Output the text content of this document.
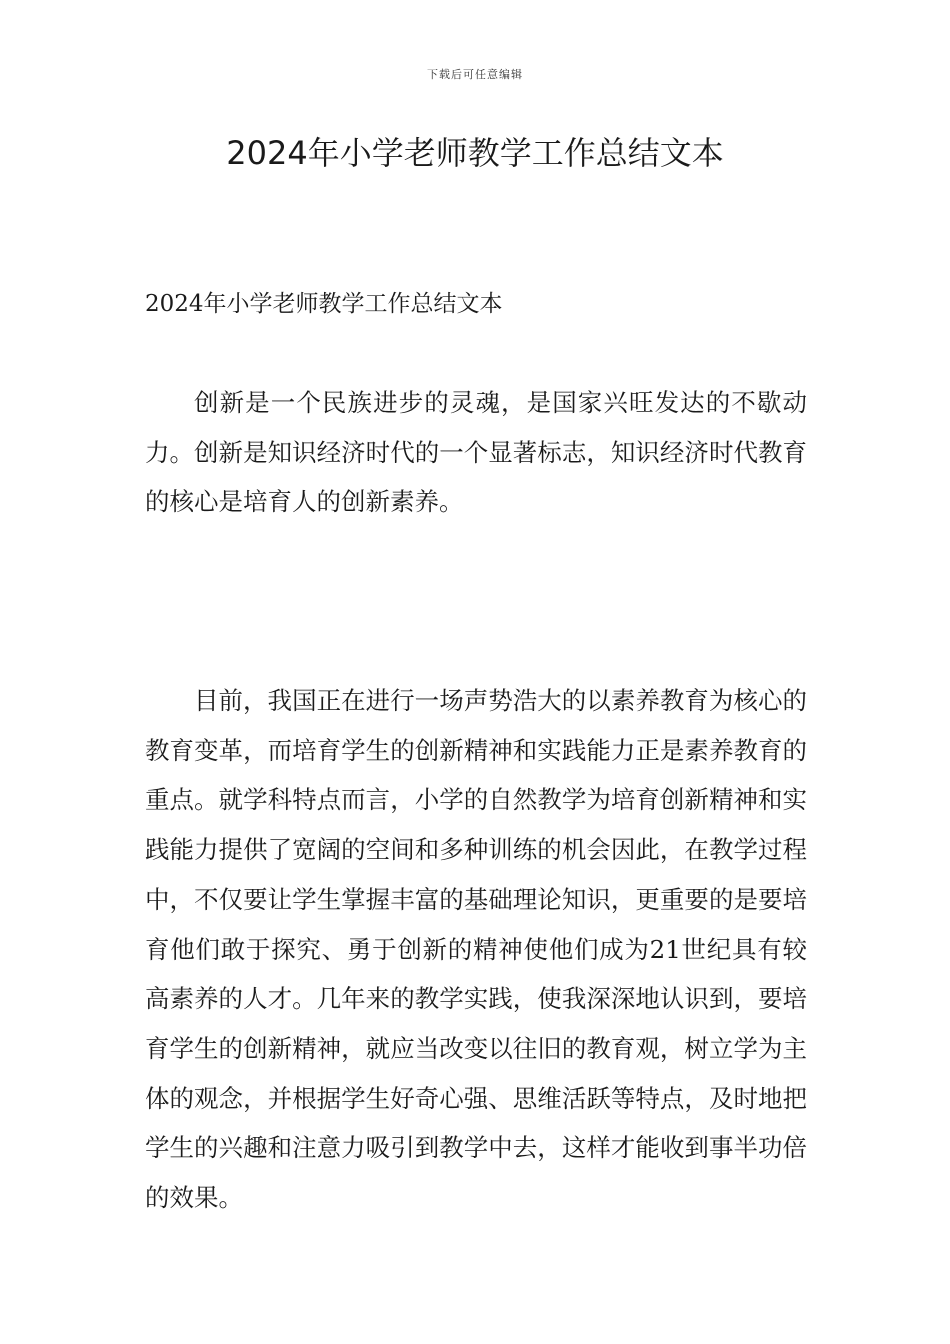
下载后可任意编辑
2024年小学老师教学工作总结文本

2024年小学老师教学工作总结文本

创新是一个民族进步的灵魂，是国家兴旺发达的不歇动力。创新是知识经济时代的一个显著标志，知识经济时代教育的核心是培育人的创新素养。

目前，我国正在进行一场声势浩大的以素养教育为核心的教育变革，而培育学生的创新精神和实践能力正是素养教育的重点。就学科特点而言，小学的自然教学为培育创新精神和实践能力提供了宽阔的空间和多种训练的机会因此，在教学过程中，不仅要让学生掌握丰富的基础理论知识，更重要的是要培育他们敢于探究、勇于创新的精神使他们成为21世纪具有较高素养的人才。几年来的教学实践，使我深深地认识到，要培育学生的创新精神，就应当改变以往旧的教育观，树立学为主体的观念，并根据学生好奇心强、思维活跃等特点，及时地把学生的兴趣和注意力吸引到教学中去，这样才能收到事半功倍的效果。
